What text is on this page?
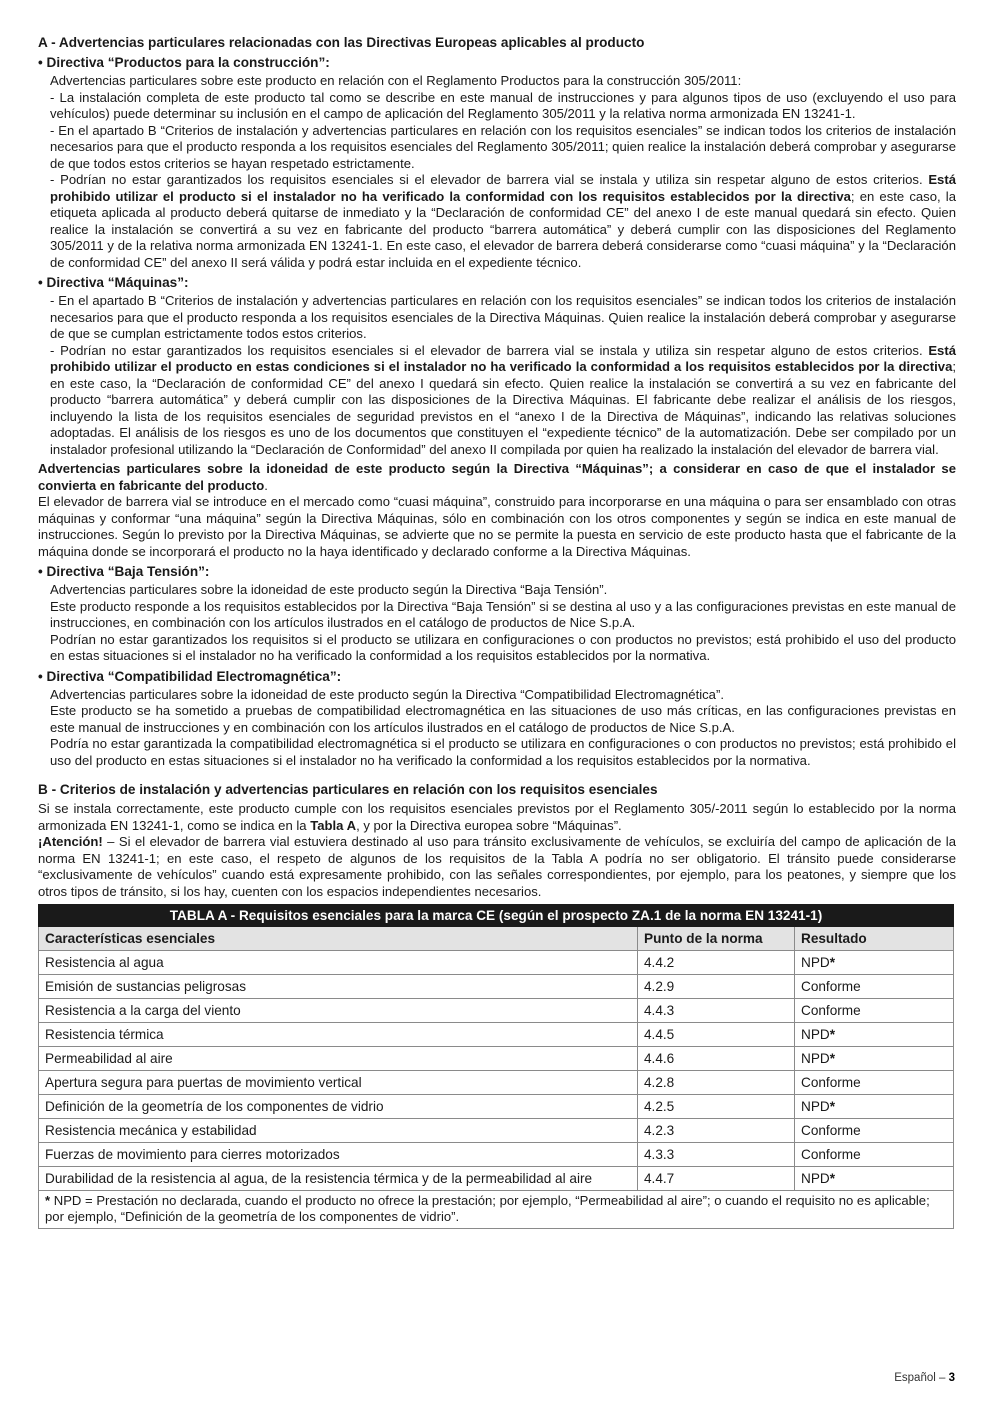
A - Advertencias particulares relacionadas con las Directivas Europeas aplicables al producto
• Directiva “Productos para la construcción”:

Advertencias particulares sobre este producto en relación con el Reglamento Productos para la construcción 305/2011:

- La instalación completa de este producto tal como se describe en este manual de instrucciones y para algunos tipos de uso (excluyendo el uso para vehículos) puede determinar su inclusión en el campo de aplicación del Reglamento 305/2011 y la relativa norma armonizada EN 13241-1.

- En el apartado B “Criterios de instalación y advertencias particulares en relación con los requisitos esenciales” se indican todos los criterios de instalación necesarios para que el producto responda a los requisitos esenciales del Reglamento 305/2011; quien realice la instalación deberá comprobar y asegurarse de que todos estos criterios se hayan respetado estrictamente.

- Podrían no estar garantizados los requisitos esenciales si el elevador de barrera vial se instala y utiliza sin respetar alguno de estos criterios. Está prohibido utilizar el producto si el instalador no ha verificado la conformidad con los requisitos establecidos por la directiva; en este caso, la etiqueta aplicada al producto deberá quitarse de inmediato y la “Declaración de conformidad CE” del anexo I de este manual quedará sin efecto. Quien realice la instalación se convertirá a su vez en fabricante del producto “barrera automática” y deberá cumplir con las disposiciones del Reglamento 305/2011 y de la relativa norma armonizada EN 13241-1. En este caso, el elevador de barrera deberá considerarse como “cuasi máquina” y la “Declaración de conformidad CE” del anexo II será válida y podrá estar incluida en el expediente técnico.

• Directiva “Máquinas”:

- En el apartado B “Criterios de instalación y advertencias particulares en relación con los requisitos esenciales” se indican todos los criterios de instalación necesarios para que el producto responda a los requisitos esenciales de la Directiva Máquinas. Quien realice la instalación deberá comprobar y asegurarse de que se cumplan estrictamente todos estos criterios.

- Podrían no estar garantizados los requisitos esenciales si el elevador de barrera vial se instala y utiliza sin respetar alguno de estos criterios. Está prohibido utilizar el producto en estas condiciones si el instalador no ha verificado la conformidad a los requisitos establecidos por la directiva; en este caso, la “Declaración de conformidad CE” del anexo I quedará sin efecto. Quien realice la instalación se convertirá a su vez en fabricante del producto “barrera automática” y deberá cumplir con las disposiciones de la Directiva Máquinas. El fabricante debe realizar el análisis de los riesgos, incluyendo la lista de los requisitos esenciales de seguridad previstos en el “anexo I de la Directiva de Máquinas”, indicando las relativas soluciones adoptadas. El análisis de los riesgos es uno de los documentos que constituyen el “expediente técnico” de la automatización. Debe ser compilado por un instalador profesional utilizando la “Declaración de Conformidad” del anexo II compilada por quien ha realizado la instalación del elevador de barrera vial.

Advertencias particulares sobre la idoneidad de este producto según la Directiva “Máquinas”; a considerar en caso de que el instalador se convierta en fabricante del producto.

El elevador de barrera vial se introduce en el mercado como “cuasi máquina”, construido para incorporarse en una máquina o para ser ensamblado con otras máquinas y conformar “una máquina” según la Directiva Máquinas, sólo en combinación con los otros componentes y según se indica en este manual de instrucciones. Según lo previsto por la Directiva Máquinas, se advierte que no se permite la puesta en servicio de este producto hasta que el fabricante de la máquina donde se incorporará el producto no la haya identificado y declarado conforme a la Directiva Máquinas.

• Directiva “Baja Tensión”:

Advertencias particulares sobre la idoneidad de este producto según la Directiva “Baja Tensión”.

Este producto responde a los requisitos establecidos por la Directiva “Baja Tensión” si se destina al uso y a las configuraciones previstas en este manual de instrucciones, en combinación con los artículos ilustrados en el catálogo de productos de Nice S.p.A.

Podrían no estar garantizados los requisitos si el producto se utilizara en configuraciones o con productos no previstos; está prohibido el uso del producto en estas situaciones si el instalador no ha verificado la conformidad a los requisitos establecidos por la normativa.

• Directiva “Compatibilidad Electromagnética”:

Advertencias particulares sobre la idoneidad de este producto según la Directiva “Compatibilidad Electromagnética”.

Este producto se ha sometido a pruebas de compatibilidad electromagnética en las situaciones de uso más críticas, en las configuraciones previstas en este manual de instrucciones y en combinación con los artículos ilustrados en el catálogo de productos de Nice S.p.A.

Podría no estar garantizada la compatibilidad electromagnética si el producto se utilizara en configuraciones o con productos no previstos; está prohibido el uso del producto en estas situaciones si el instalador no ha verificado la conformidad a los requisitos establecidos por la normativa.

B - Criterios de instalación y advertencias particulares en relación con los requisitos esenciales

Si se instala correctamente, este producto cumple con los requisitos esenciales previstos por el Reglamento 305/-2011 según lo establecido por la norma armonizada EN 13241-1, como se indica en la Tabla A, y por la Directiva europea sobre “Máquinas”.

¡Atención! – Si el elevador de barrera vial estuviera destinado al uso para tránsito exclusivamente de vehículos, se excluiría del campo de aplicación de la norma EN 13241-1; en este caso, el respeto de algunos de los requisitos de la Tabla A podría no ser obligatorio. El tránsito puede considerarse “exclusivamente de vehículos” cuando está expresamente prohibido, con las señales correspondientes, por ejemplo, para los peatones, y siempre que los otros tipos de tránsito, si los hay, cuenten con los espacios independientes necesarios.

TABLA A - Requisitos esenciales para la marca CE (según el prospecto ZA.1 de la norma EN 13241-1)		
Características esenciales	Punto de la norma	Resultado
Resistencia al agua	4.4.2	NPD*
Emisión de sustancias peligrosas	4.2.9	Conforme
Resistencia a la carga del viento	4.4.3	Conforme
Resistencia térmica	4.4.5	NPD*
Permeabilidad al aire	4.4.6	NPD*
Apertura segura para puertas de movimiento vertical	4.2.8	Conforme
Definición de la geometría de los componentes de vidrio	4.2.5	NPD*
Resistencia mecánica y estabilidad	4.2.3	Conforme
Fuerzas de movimiento para cierres motorizados	4.3.3	Conforme
Durabilidad de la resistencia al agua, de la resistencia térmica y de la permeabilidad al aire	4.4.7	NPD*
* NPD = Prestación no declarada, cuando el producto no ofrece la prestación; por ejemplo, “Permeabilidad al aire”; o cuando el requisito no es aplicable; por ejemplo, “Definición de la geometría de los componentes de vidrio”.		
Español – 3
